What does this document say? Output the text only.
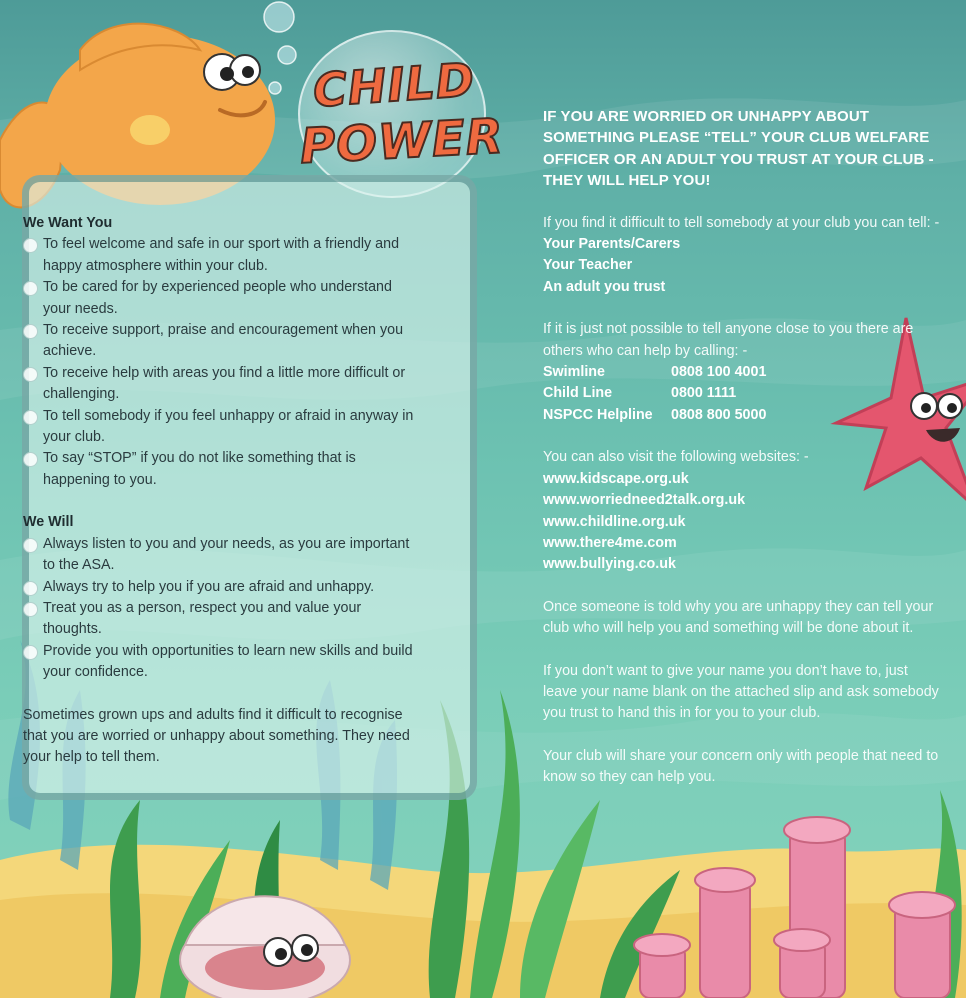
CHILD
POWER
We Want You
To feel welcome and safe in our sport with a friendly and happy atmosphere within your club.
To be cared for by experienced people who understand your needs.
To receive support, praise and encouragement when you achieve.
To receive help with areas you find a little more difficult or challenging.
To tell somebody if you feel unhappy or afraid in anyway in your club.
To say “STOP” if you do not like something that is happening to you.
We Will
Always listen to you and your needs, as you are important to the ASA.
Always try to help you if you are afraid and unhappy.
Treat you as a person, respect you and value your thoughts.
Provide you with opportunities to learn new skills and build your confidence.

Sometimes grown ups and adults find it difficult to recognise that you are worried or unhappy about something. They need your help to tell them.

IF YOU ARE WORRIED OR UNHAPPY ABOUT SOMETHING PLEASE “TELL” YOUR CLUB WELFARE OFFICER OR AN ADULT YOU TRUST AT YOUR CLUB - THEY WILL HELP YOU!

If you find it difficult to tell somebody at your club you can tell: -

Your Parents/Carers
Your Teacher
An adult you trust

If it is just not possible to tell anyone close to you there are others who can help by calling: -

Swimline	0808 100 4001
Child Line	0800 1111
NSPCC Helpline	0808 800 5000

You can also visit the following websites: -

www.kidscape.org.uk
www.worriedneed2talk.org.uk
www.childline.org.uk
www.there4me.com
www.bullying.co.uk

Once someone is told why you are unhappy they can tell your club who will help you and something will be done about it.

If you don’t want to give your name you don’t have to, just leave your name blank on the attached slip and ask somebody you trust to hand this in for you to your club.

Your club will share your concern only with people that need to know so they can help you.
